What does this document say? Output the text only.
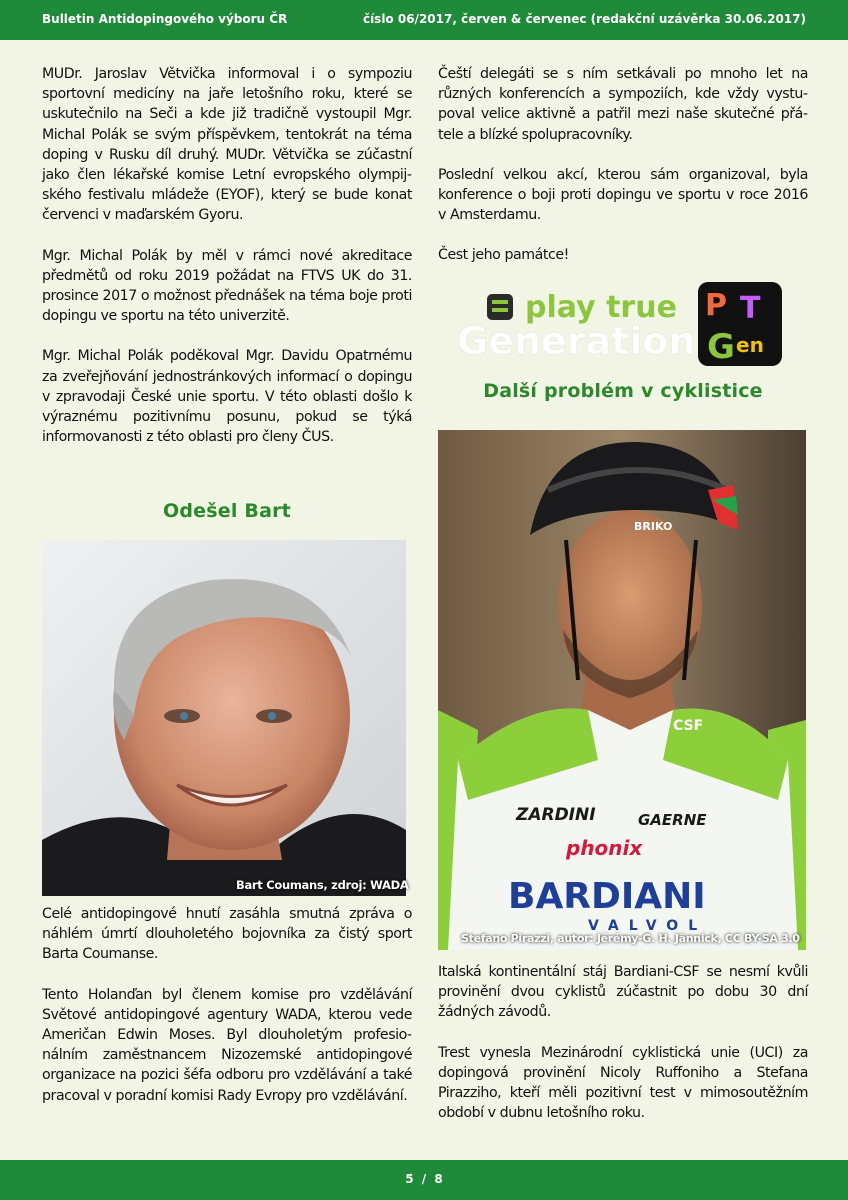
Bulletin Antidopingového výboru ČR	číslo 06/2017, červen & červenec (redakční uzávěrka 30.06.2017)

MUDr. Jaroslav Větvička informoval i o sympoziu sportovní medicíny na jaře letošního roku, které se uskutečnilo na Seči a kde již tradičně vystoupil Mgr. Michal Polák se svým příspěvkem, tentokrát na téma doping v Rusku díl druhý. MUDr. Větvička se zúčastní jako člen lékařské komise Letní evropského olympijského festivalu mládeže (EYOF), který se bude konat červenci v maďarském Gyoru.

Mgr. Michal Polák by měl v rámci nové akreditace předmětů od roku 2019 požádat na FTVS UK do 31. prosince 2017 o možnost přednášek na téma boje proti dopingu ve sportu na této univerzitě.

Mgr. Michal Polák poděkoval Mgr. Davidu Opatrnému za zveřejňování jednostránkových informací o dopingu v zpravodaji České unie sportu. V této oblasti došlo k výraznému pozitivnímu posunu, pokud se týká informovanosti z této oblasti pro členy ČUS.

Odešel Bart
Bart Coumans, zdroj: WADA

Celé antidopingové hnutí zasáhla smutná zpráva o náhlém úmrtí dlouholetého bojovníka za čistý sport Barta Coumanse.

Tento Holanďan byl členem komise pro vzdělávání Světové antidopingové agentury WADA, kterou vede Američan Edwin Moses. Byl dlouholetým profesionálním zaměstnancem Nizozemské antidopingové organizace na pozici šéfa odboru pro vzdělávání a také pracoval v poradní komisi Rady Evropy pro vzdělávání.

Čeští delegáti se s ním setkávali po mnoho let na různých konferencích a sympoziích, kde vždy vystupoval velice aktivně a patřil mezi naše skutečné přátele a blízké spolupracovníky.

Poslední velkou akcí, kterou sám organizoval, byla konference o boji proti dopingu ve sportu v roce 2016 v Amsterdamu.

Čest jeho památce!

play true
Generation
P T
G en
Další problém v cyklistice
BRIKO
CSF
ZARDINI	GAERNE
phonix
BARDIANI
VALVOL
Stefano Pirazzi, autor: Jérémy-G. H. Jännick, CC BY-SA 3.0

Italská kontinentální stáj Bardiani-CSF se nesmí kvůli provinění dvou cyklistů zúčastnit po dobu 30 dní žádných závodů.

Trest vynesla Mezinárodní cyklistická unie (UCI) za dopingová provinění Nicoly Ruffoniho a Stefana Pirazziho, kteří měli pozitivní test v mimosoutěžním období v dubnu letošního roku.

5 / 8
